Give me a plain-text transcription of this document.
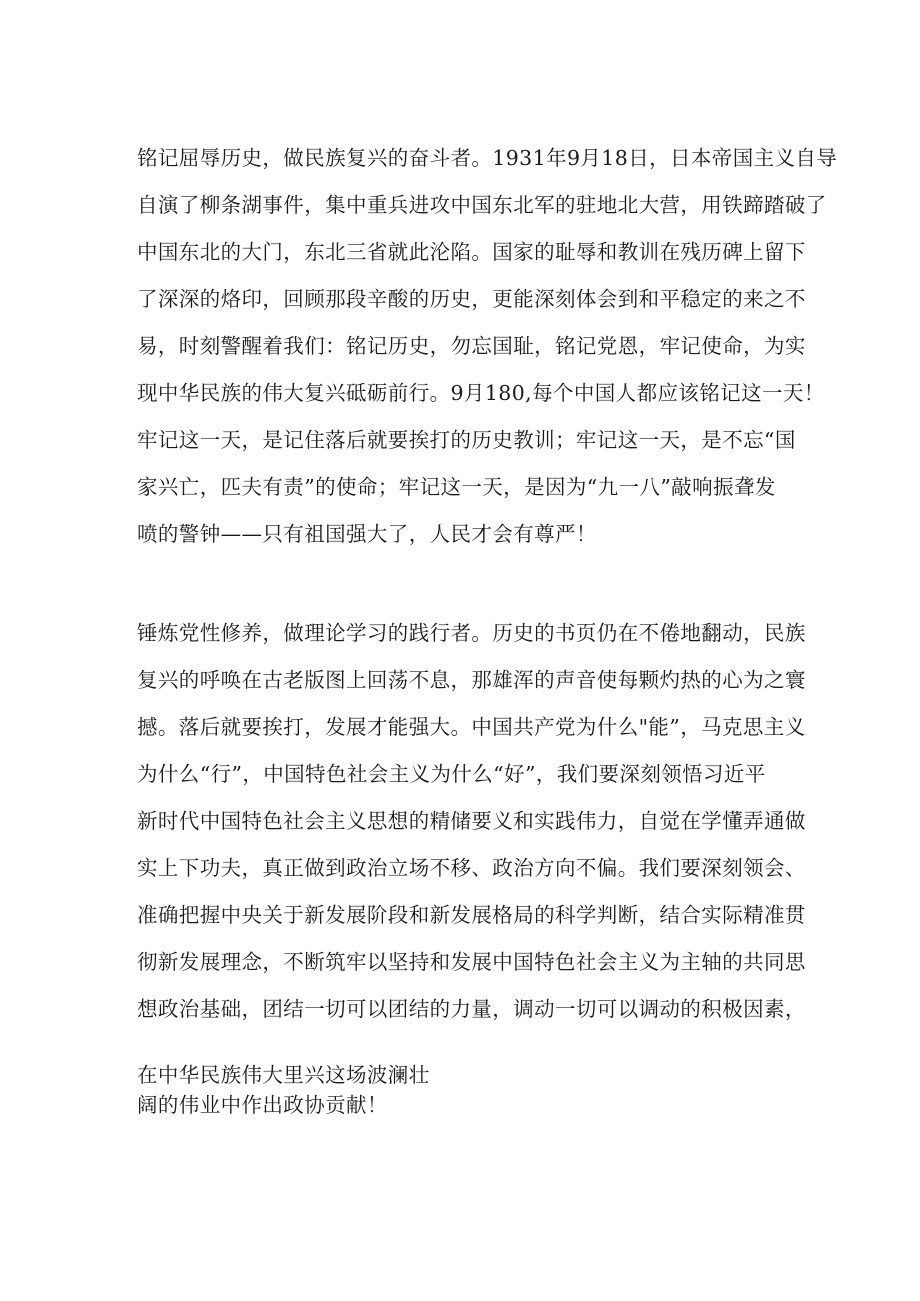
铭记屈辱历史，做民族复兴的奋斗者。1931年9月18日，日本帝国主义自导
自演了柳条湖事件，集中重兵进攻中国东北军的驻地北大营，用铁蹄踏破了
中国东北的大门，东北三省就此沦陷。国家的耻辱和教训在残历碑上留下
了深深的烙印，回顾那段辛酸的历史，更能深刻体会到和平稳定的来之不
易，时刻警醒着我们：铭记历史，勿忘国耻，铭记党恩，牢记使命，为实
现中华民族的伟大复兴砥砺前行。9月180,每个中国人都应该铭记这一天！
牢记这一天，是记住落后就要挨打的历史教训；牢记这一天，是不忘“国
家兴亡，匹夫有责”的使命；牢记这一天，是因为“九一八”敲响振聋发
喷的警钟——只有祖国强大了，人民才会有尊严！
锤炼党性修养，做理论学习的践行者。历史的书页仍在不倦地翻动，民族
复兴的呼唤在古老版图上回荡不息，那雄浑的声音使每颗灼热的心为之寰
撼。落后就要挨打，发展才能强大。中国共产党为什么"能”，马克思主义
为什么“行”，中国特色社会主义为什么“好”，我们要深刻领悟习近平
新时代中国特色社会主义思想的精储要义和实践伟力，自觉在学懂弄通做
实上下功夫，真正做到政治立场不移、政治方向不偏。我们要深刻领会、
准确把握中央关于新发展阶段和新发展格局的科学判断，结合实际精准贯
彻新发展理念，不断筑牢以坚持和发展中国特色社会主义为主轴的共同思
想政治基础，团结一切可以团结的力量，调动一切可以调动的积极因素，
在中华民族伟大里兴这场波澜壮
阔的伟业中作出政协贡献！
